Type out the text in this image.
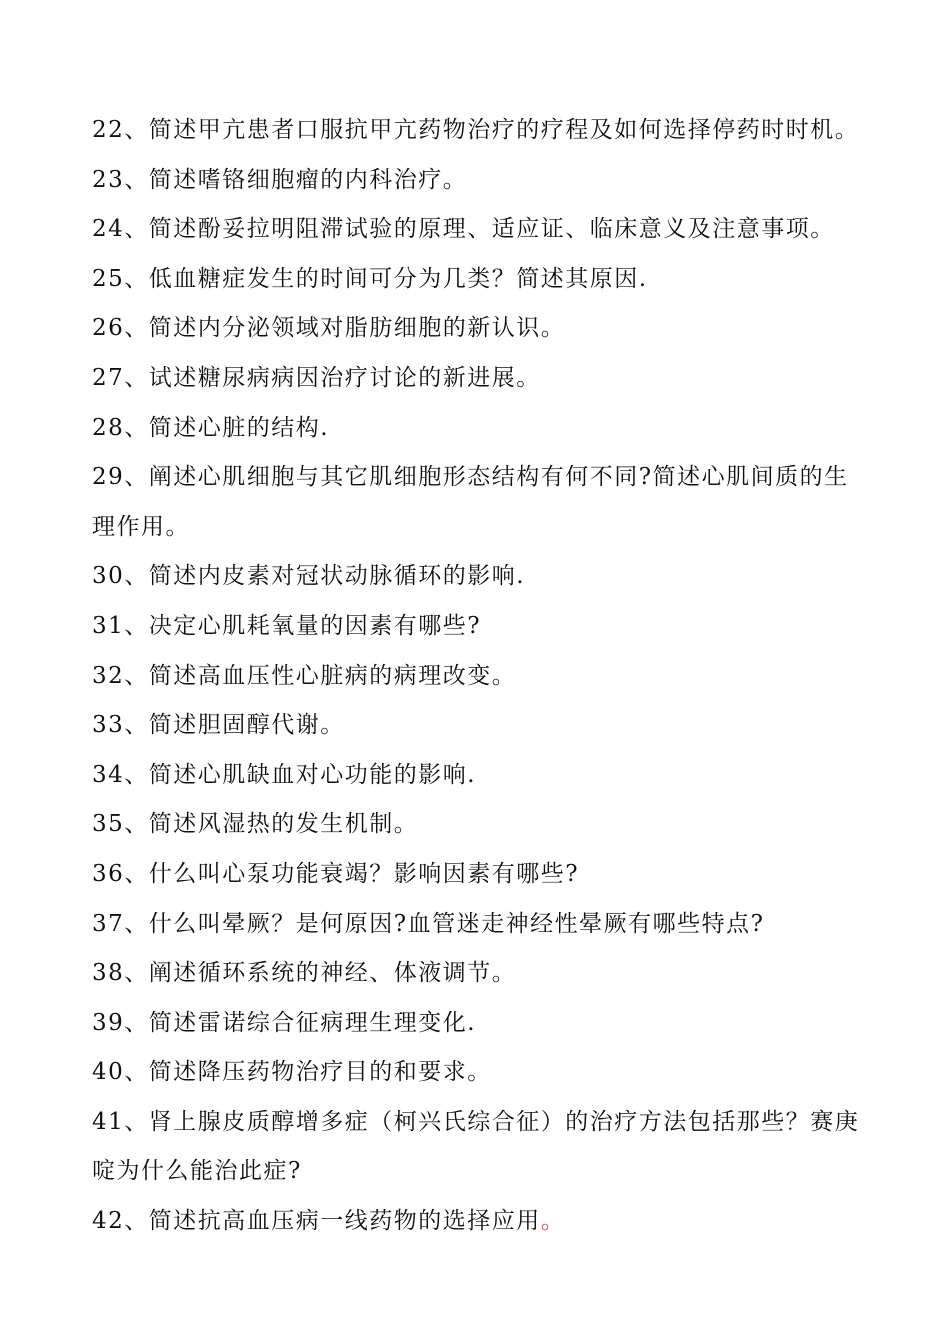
22、简述甲亢患者口服抗甲亢药物治疗的疗程及如何选择停药时时机。
23、简述嗜铬细胞瘤的内科治疗。
24、简述酚妥拉明阻滞试验的原理、适应证、临床意义及注意事项。
25、低血糖症发生的时间可分为几类？简述其原因.
26、简述内分泌领域对脂肪细胞的新认识。
27、试述糖尿病病因治疗讨论的新进展。
28、简述心脏的结构.
29、阐述心肌细胞与其它肌细胞形态结构有何不同?简述心肌间质的生理作用。
30、简述内皮素对冠状动脉循环的影响.
31、决定心肌耗氧量的因素有哪些?
32、简述高血压性心脏病的病理改变。
33、简述胆固醇代谢。
34、简述心肌缺血对心功能的影响.
35、简述风湿热的发生机制。
36、什么叫心泵功能衰竭？影响因素有哪些?
37、什么叫晕厥？是何原因?血管迷走神经性晕厥有哪些特点?
38、阐述循环系统的神经、体液调节。
39、简述雷诺综合征病理生理变化.
40、简述降压药物治疗目的和要求。
41、肾上腺皮质醇增多症（柯兴氏综合征）的治疗方法包括那些？赛庚啶为什么能治此症?
42、简述抗高血压病一线药物的选择应用。
